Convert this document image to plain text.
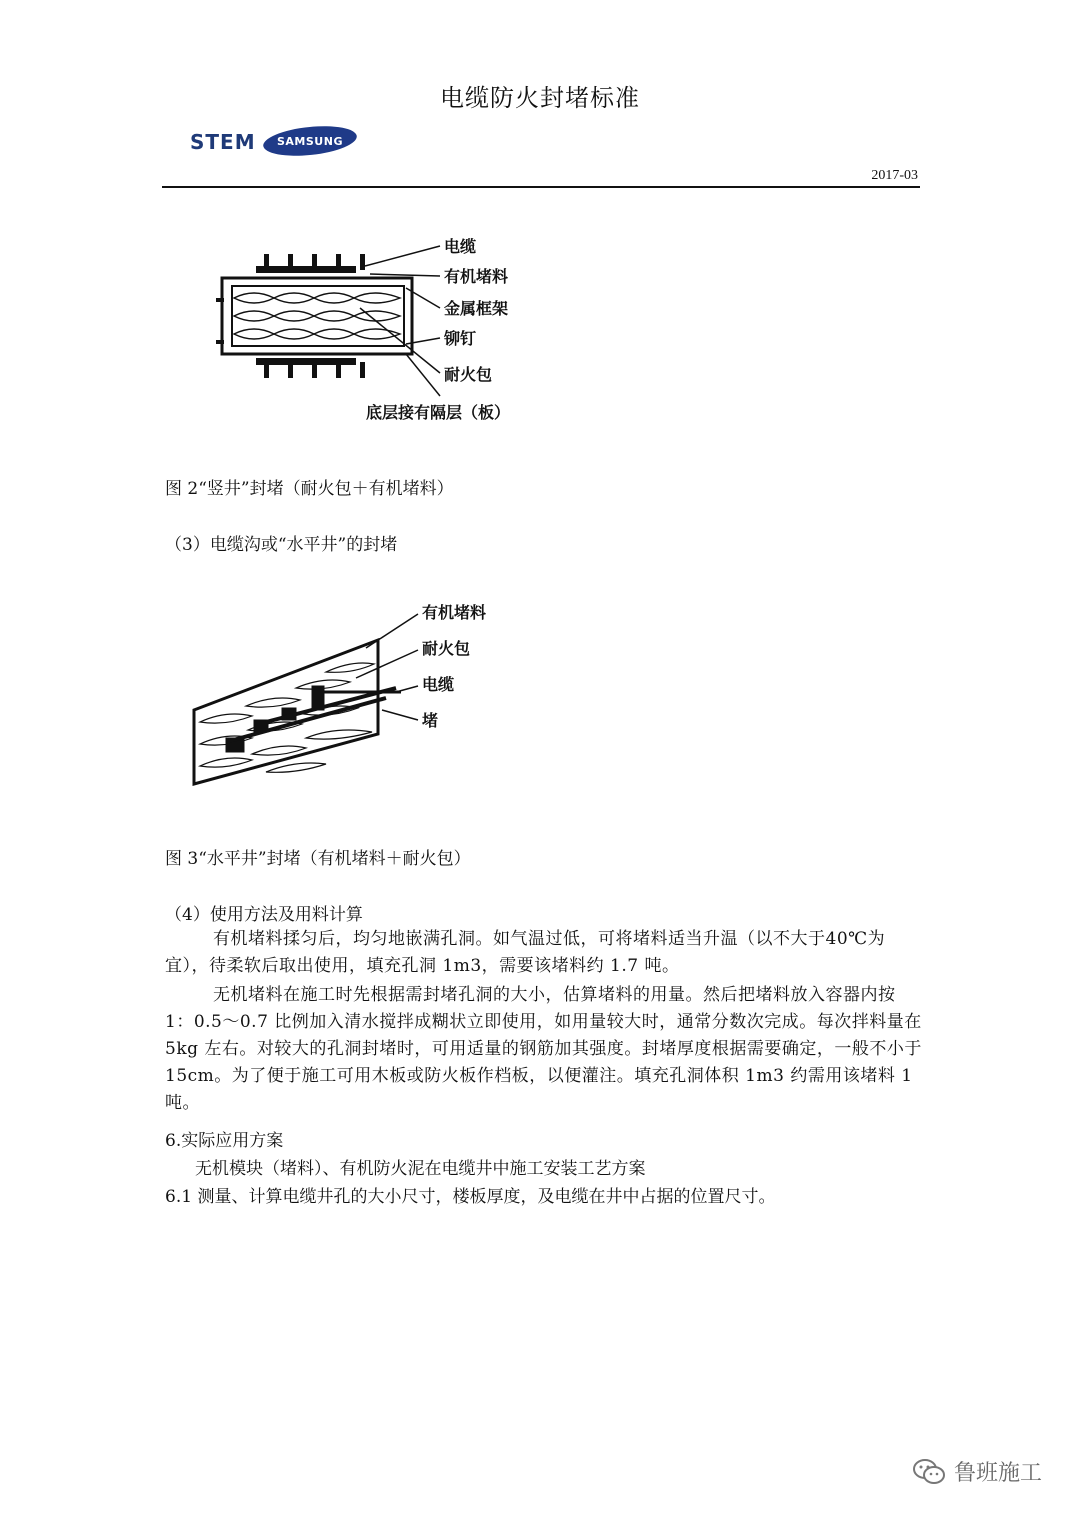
电缆防火封堵标准
STEM SAMSUNG
2017-03
电缆
有机堵料
金属框架
铆钉
耐火包
底层接有隔层（板）
图 2“竖井”封堵（耐火包＋有机堵料）
（3）电缆沟或“水平井”的封堵
有机堵料
耐火包
电缆
堵
图 3“水平井”封堵（有机堵料＋耐火包）
（4）使用方法及用料计算
有机堵料揉匀后，均匀地嵌满孔洞。如气温过低，可将堵料适当升温（以不大于40℃为宜），待柔软后取出使用，填充孔洞 1m3，需要该堵料约 1.7 吨。
无机堵料在施工时先根据需封堵孔洞的大小，估算堵料的用量。然后把堵料放入容器内按 1：0.5～0.7 比例加入清水搅拌成糊状立即使用，如用量较大时，通常分数次完成。每次拌料量在 5kg 左右。对较大的孔洞封堵时，可用适量的钢筋加其强度。封堵厚度根据需要确定，一般不小于 15cm。为了便于施工可用木板或防火板作档板，以便灌注。填充孔洞体积 1m3 约需用该堵料 1 吨。
6.实际应用方案
无机模块（堵料）、有机防火泥在电缆井中施工安装工艺方案
6.1 测量、计算电缆井孔的大小尺寸，楼板厚度，及电缆在井中占据的位置尺寸。
鲁班施工
